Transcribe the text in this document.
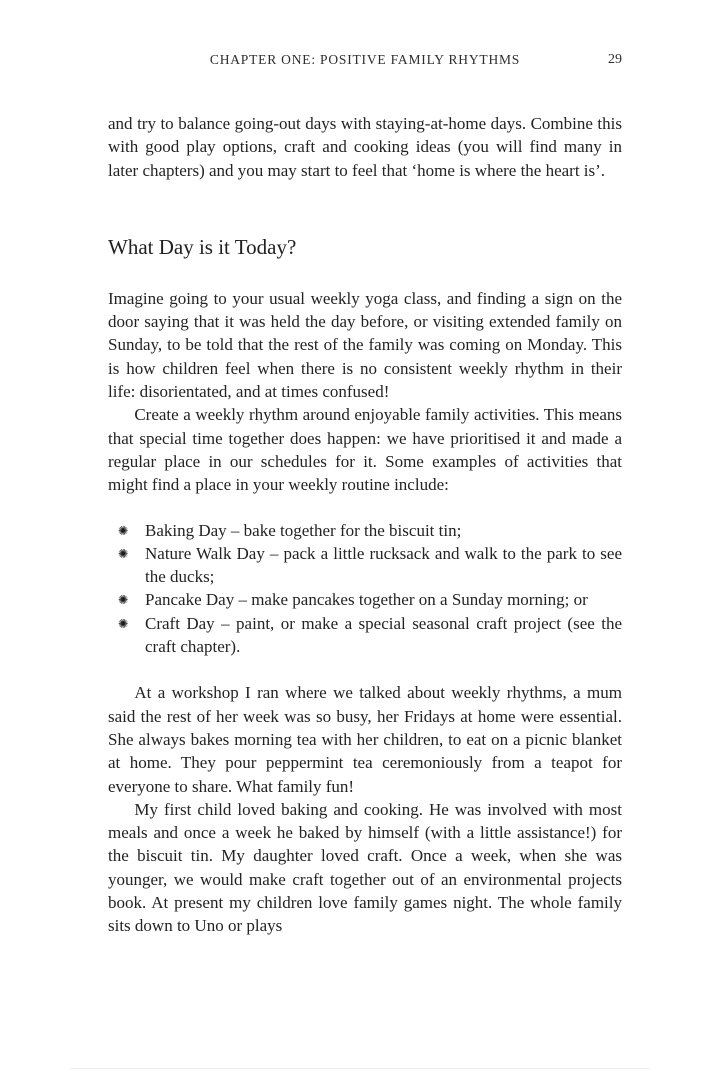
CHAPTER ONE: POSITIVE FAMILY RHYTHMS	29

and try to balance going-out days with staying-at-home days. Combine this with good play options, craft and cooking ideas (you will find many in later chapters) and you may start to feel that ‘home is where the heart is’.

What Day is it Today?

Imagine going to your usual weekly yoga class, and finding a sign on the door saying that it was held the day before, or visiting extended family on Sunday, to be told that the rest of the family was coming on Monday. This is how children feel when there is no consistent weekly rhythm in their life: disorientated, and at times confused!

Create a weekly rhythm around enjoyable family activities. This means that special time together does happen: we have prioritised it and made a regular place in our schedules for it. Some examples of activities that might find a place in your weekly routine include:

✺ Baking Day – bake together for the biscuit tin;
✺ Nature Walk Day – pack a little rucksack and walk to the park to see the ducks;
✺ Pancake Day – make pancakes together on a Sunday morning; or
✺ Craft Day – paint, or make a special seasonal craft project (see the craft chapter).

At a workshop I ran where we talked about weekly rhythms, a mum said the rest of her week was so busy, her Fridays at home were essential. She always bakes morning tea with her children, to eat on a picnic blanket at home. They pour peppermint tea ceremoniously from a teapot for everyone to share. What family fun!

My first child loved baking and cooking. He was involved with most meals and once a week he baked by himself (with a little assistance!) for the biscuit tin. My daughter loved craft. Once a week, when she was younger, we would make craft together out of an environmental projects book. At present my children love family games night. The whole family sits down to Uno or plays
